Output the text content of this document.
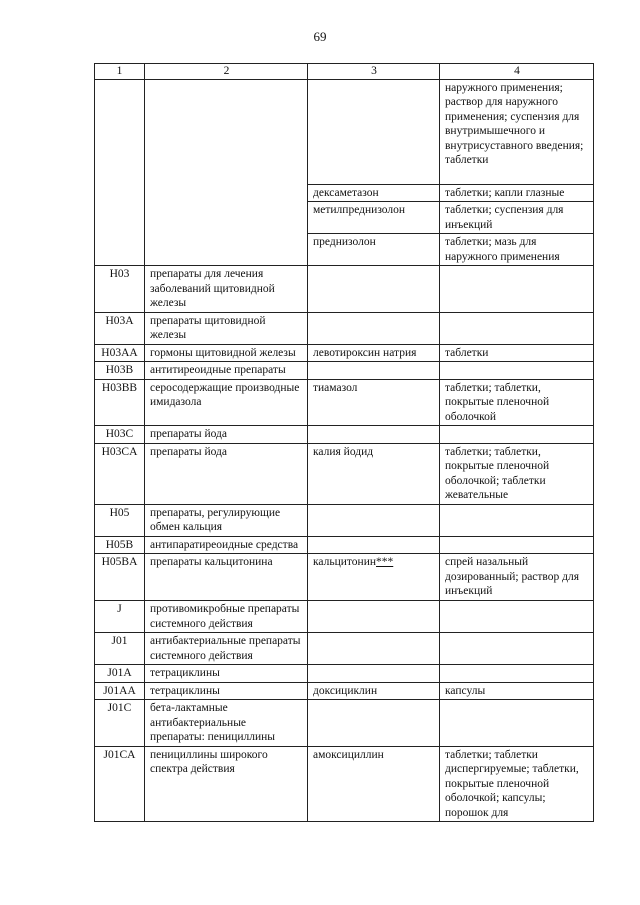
69
1	2	3	4
			наружного применения; раствор для наружного применения; суспензия для внутримышечного и внутрисуставного введения; таблетки
		дексаметазон	таблетки; капли глазные
		метилпреднизолон	таблетки; суспензия для инъекций
		преднизолон	таблетки; мазь для наружного применения
H03	препараты для лечения заболеваний щитовидной железы		
H03A	препараты щитовидной железы		
H03AA	гормоны щитовидной железы	левотироксин натрия	таблетки
H03B	антитиреоидные препараты		
H03BB	серосодержащие производные имидазола	тиамазол	таблетки; таблетки, покрытые пленочной оболочкой
H03C	препараты йода		
H03CA	препараты йода	калия йодид	таблетки; таблетки, покрытые пленочной оболочкой; таблетки жевательные
H05	препараты, регулирующие обмен кальция		
H05B	антипаратиреоидные средства		
H05BA	препараты кальцитонина	кальцитонин***	спрей назальный дозированный; раствор для инъекций
J	противомикробные препараты системного действия		
J01	антибактериальные препараты системного действия		
J01A	тетрациклины		
J01AA	тетрациклины	доксициклин	капсулы
J01C	бета-лактамные антибактериальные препараты: пенициллины		
J01CA	пенициллины широкого спектра действия	амоксициллин	таблетки; таблетки диспергируемые; таблетки, покрытые пленочной оболочкой; капсулы; порошок для
